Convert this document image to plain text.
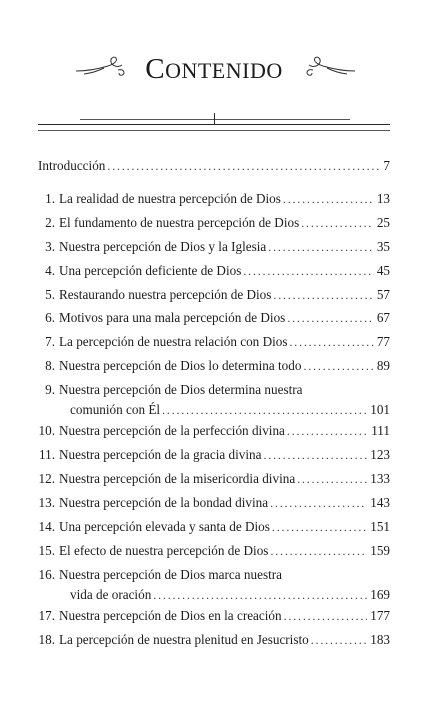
CONTENIDO
Introducción . . .	7
1. La realidad de nuestra percepción de Dios . . .	13
2. El fundamento de nuestra percepción de Dios . . .	25
3. Nuestra percepción de Dios y la Iglesia . . .	35
4. Una percepción deficiente de Dios . . .	45
5. Restaurando nuestra percepción de Dios . . .	57
6. Motivos para una mala percepción de Dios . . .	67
7. La percepción de nuestra relación con Dios . . .	77
8. Nuestra percepción de Dios lo determina todo . . .	89
9. Nuestra percepción de Dios determina nuestra
comunión con Él . . .	101
10. Nuestra percepción de la perfección divina . . .	111
11. Nuestra percepción de la gracia divina . . .	123
12. Nuestra percepción de la misericordia divina . . .	133
13. Nuestra percepción de la bondad divina . . .	143
14. Una percepción elevada y santa de Dios . . .	151
15. El efecto de nuestra percepción de Dios . . .	159
16. Nuestra percepción de Dios marca nuestra
vida de oración . . .	169
17. Nuestra percepción de Dios en la creación . . .	177
18. La percepción de nuestra plenitud en Jesucristo . . .	183
